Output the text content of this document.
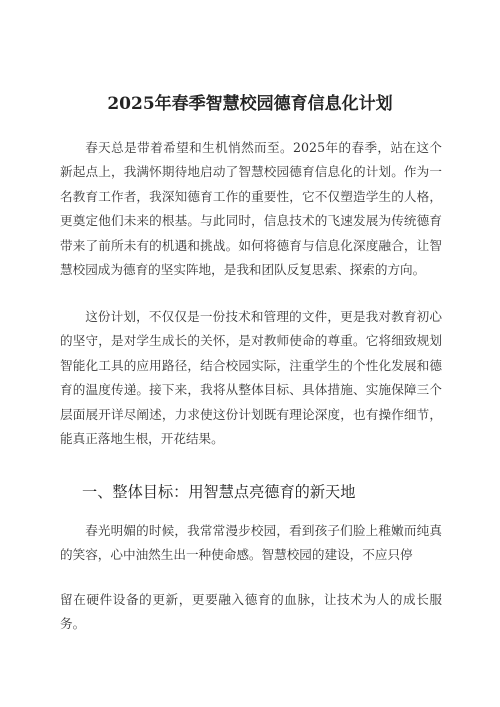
2025年春季智慧校园德育信息化计划

春天总是带着希望和生机悄然而至。2025年的春季，站在这个新起点上，我满怀期待地启动了智慧校园德育信息化的计划。作为一名教育工作者，我深知德育工作的重要性，它不仅塑造学生的人格，更奠定他们未来的根基。与此同时，信息技术的飞速发展为传统德育带来了前所未有的机遇和挑战。如何将德育与信息化深度融合，让智慧校园成为德育的坚实阵地，是我和团队反复思索、探索的方向。

这份计划，不仅仅是一份技术和管理的文件，更是我对教育初心的坚守，是对学生成长的关怀，是对教师使命的尊重。它将细致规划智能化工具的应用路径，结合校园实际，注重学生的个性化发展和德育的温度传递。接下来，我将从整体目标、具体措施、实施保障三个层面展开详尽阐述，力求使这份计划既有理论深度，也有操作细节，能真正落地生根，开花结果。

一、整体目标：用智慧点亮德育的新天地

春光明媚的时候，我常常漫步校园，看到孩子们脸上稚嫩而纯真的笑容，心中油然生出一种使命感。智慧校园的建设，不应只停

留在硬件设备的更新，更要融入德育的血脉，让技术为人的成长服务。
